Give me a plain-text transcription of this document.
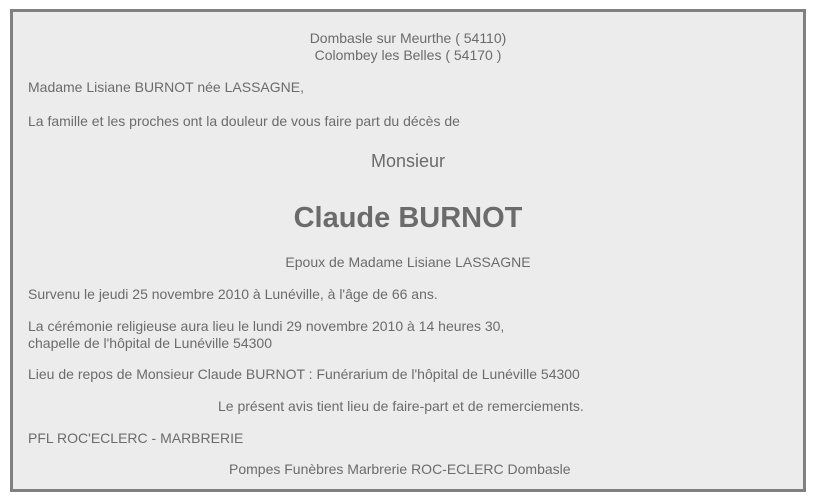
Dombasle sur Meurthe ( 54110)
Colombey les Belles ( 54170 )
Madame Lisiane BURNOT née LASSAGNE,
La famille et les proches ont la douleur de vous faire part du décès de
Monsieur
Claude BURNOT
Epoux de Madame Lisiane LASSAGNE
Survenu le jeudi 25 novembre 2010 à Lunéville, à l'âge de 66 ans.
La cérémonie religieuse aura lieu le lundi 29 novembre 2010 à 14 heures 30,
chapelle de l'hôpital de Lunéville 54300
Lieu de repos de Monsieur Claude BURNOT : Funérarium de l'hôpital de Lunéville 54300
Le présent avis tient lieu de faire-part et de remerciements.
PFL ROC'ECLERC - MARBRERIE
Pompes Funèbres Marbrerie ROC-ECLERC Dombasle
